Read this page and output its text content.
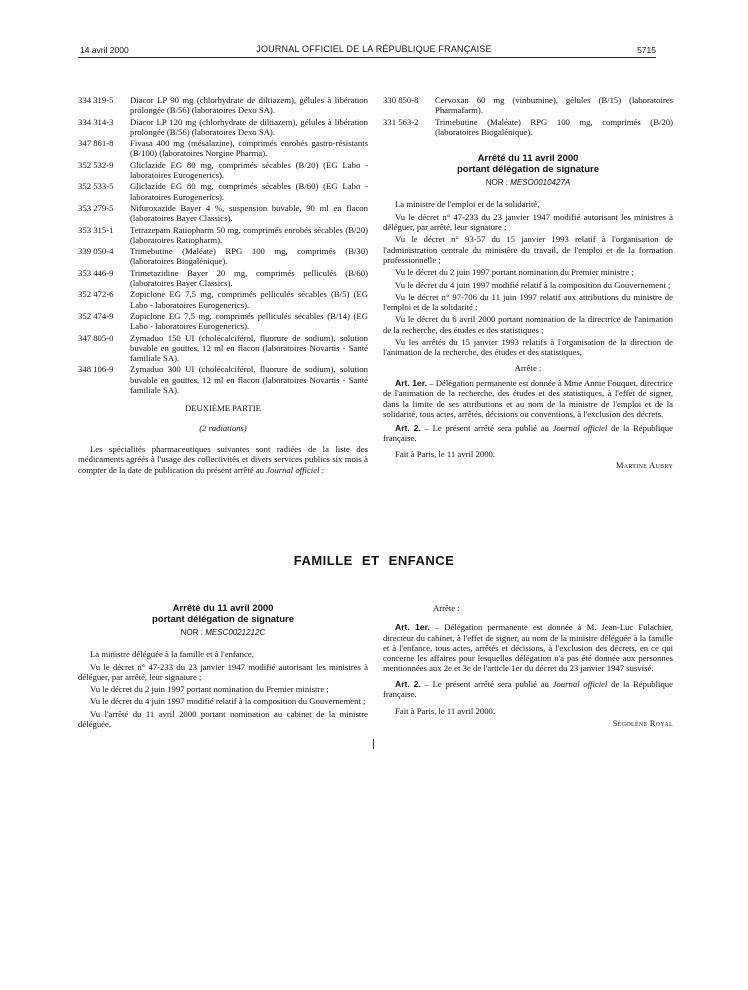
14 avril 2000	JOURNAL OFFICIEL DE LA RÉPUBLIQUE FRANÇAISE	5715
334 319-5	Diacor LP 90 mg (chlorhydrate de diltiazem), gélules à libération prolongée (B/56) (laboratoires Dexo SA).
334 314-3	Diacor LP 120 mg (chlorhydrate de diltiazem), gélules à libération prolongée (B/56) (laboratoires Dexo SA).
347 861-8	Fivasa 400 mg (mésalazine), comprimés enrobés gastro-résistants (B/100) (laboratoires Norgine Pharma).
352 532-9	Gliclazide EG 80 mg, comprimés sécables (B/20) (EG Labo - laboratoires Eurogenerics).
352 533-5	Gliclazide EG 80 mg, comprimés sécables (B/60) (EG Labo - laboratoires Eurogenerics).
353 279-5	Nifuroxazide Bayer 4 %, suspension buvable, 90 ml en flacon (laboratoires Bayer Classics).
353 315-1	Tetrazepam Ratiopharm 50 mg, comprimés enrobés sécables (B/20) (laboratoires Ratiopharm).
339 050-4	Trimebutine (Maléate) RPG 100 mg, comprimés (B/30) (laboratoires Biogalénique).
353 446-9	Trimetazidine Bayer 20 mg, comprimés pelliculés (B/60) (laboratoires Bayer Classics).
352 472-6	Zopiclone EG 7,5 mg, comprimés pelliculés sécables (B/5) (EG Labo - laboratoires Eurogenerics).
352 474-9	Zopiclone EG 7,5 mg, comprimés pelliculés sécables (B/14) (EG Labo - laboratoires Eurogenerics).
347 805-0	Zymaduo 150 UI (cholécalciférol, fluorure de sodium), solution buvable en gouttes, 12 ml en flacon (laboratoires Novartis - Santé familiale SA).
348 106-9	Zymaduo 300 UI (cholécalciférol, fluorure de sodium), solution buvable en gouttes, 12 ml en flacon (laboratoires Novartis - Santé familiale SA).
DEUXIÈME PARTIE
(2 radiations)

Les spécialités pharmaceutiques suivantes sont radiées de la liste des médicaments agréés à l'usage des collectivités et divers services publics six mois à compter de la date de publication du présent arrêté au Journal officiel :

330 850-8	Cervoxan 60 mg (vinburnine), gélules (B/15) (laboratoires Pharmafarm).
331 563-2	Trimebutine (Maléate) RPG 100 mg, comprimés (B/20) (laboratoires Biogalénique).
Arrêté du 11 avril 2000
portant délégation de signature
NOR : MESO0010427A

La ministre de l'emploi et de la solidarité,

Vu le décret n° 47-233 du 23 janvier 1947 modifié autorisant les ministres à déléguer, par arrêté, leur signature ;

Vu le décret n° 93-57 du 15 janvier 1993 relatif à l'organisation de l'administration centrale du ministère du travail, de l'emploi et de la formation professionnelle ;

Vu le décret du 2 juin 1997 portant nomination du Premier ministre ;

Vu le décret du 4 juin 1997 modifié relatif à la composition du Gouvernement ;

Vu le décret n° 97-706 du 11 juin 1997 relatif aux attributions du ministre de l'emploi et de la solidarité ;

Vu le décret du 6 avril 2000 portant nomination de la directrice de l'animation de la recherche, des études et des statistiques ;

Vu les arrêtés du 15 janvier 1993 relatifs à l'organisation de la direction de l'animation de la recherche, des études et des statistiques,

Arrête :

Art. 1er. – Délégation permanente est donnée à Mme Annie Fouquet, directrice de l'animation de la recherche, des études et des statistiques, à l'effet de signer, dans la limite de ses attributions et au nom de la ministre de l'emploi et de la solidarité, tous actes, arrêtés, décisions ou conventions, à l'exclusion des décrets.

Art. 2. – Le présent arrêté sera publié au Journal officiel de la République française.

Fait à Paris, le 11 avril 2000.
Martine Aubry
FAMILLE ET ENFANCE
Arrêté du 11 avril 2000
portant délégation de signature
NOR : MESC0021212C

La ministre déléguée à la famille et à l'enfance,

Vu le décret n° 47-233 du 23 janvier 1947 modifié autorisant les ministres à déléguer, par arrêté, leur signature ;

Vu le décret du 2 juin 1997 portant nomination du Premier ministre ;

Vu le décret du 4 juin 1997 modifié relatif à la composition du Gouvernement ;

Vu l'arrêté du 11 avril 2000 portant nomination au cabinet de la ministre déléguée,

Arrête :

Art. 1er. – Délégation permanente est donnée à M. Jean-Luc Fulachier, directeur du cabinet, à l'effet de signer, au nom de la ministre déléguée à la famille et à l'enfance, tous actes, arrêtés et décisions, à l'exclusion des décrets, en ce qui concerne les affaires pour lesquelles délégation n'a pas été donnée aux personnes mentionnées aux 2e et 3e de l'article 1er du décret du 23 janvier 1947 susvisé.

Art. 2. – Le présent arrêté sera publié au Journal officiel de la République française.

Fait à Paris, le 11 avril 2000.
Ségolène Royal
